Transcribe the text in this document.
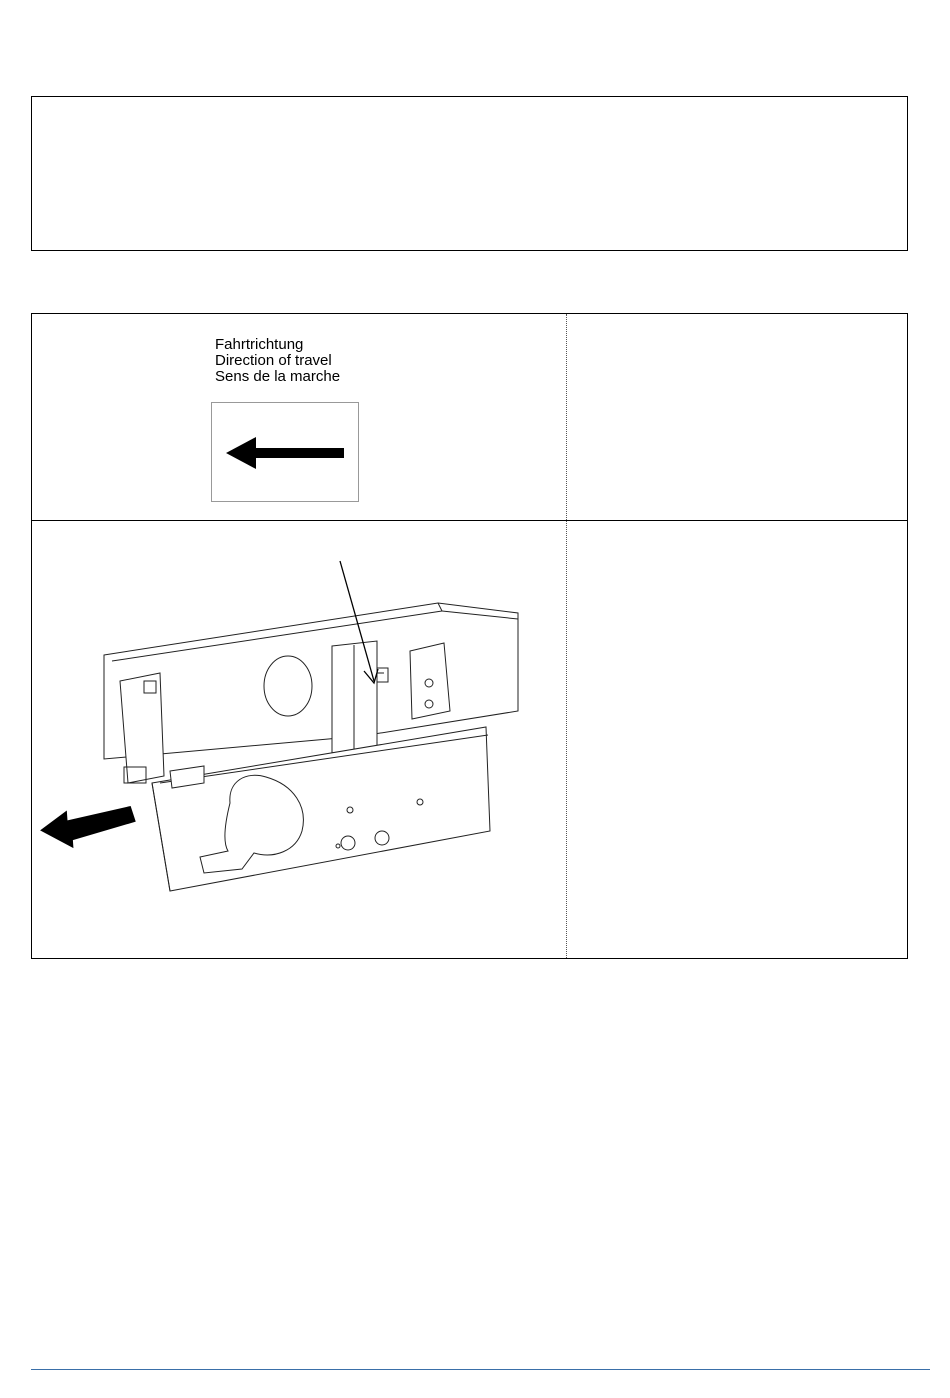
Fahrtrichtung
Direction of travel
Sens de la marche
